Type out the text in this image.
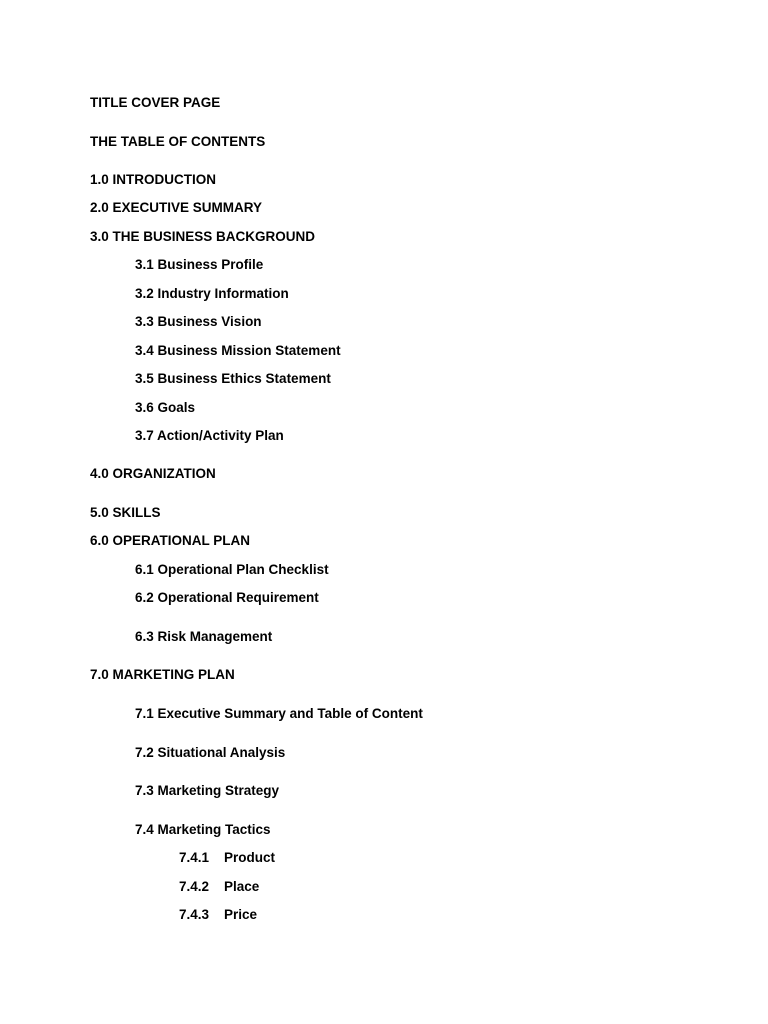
TITLE COVER PAGE
THE TABLE OF CONTENTS
1.0 INTRODUCTION
2.0 EXECUTIVE SUMMARY
3.0 THE BUSINESS BACKGROUND
3.1 Business Profile
3.2 Industry Information
3.3 Business Vision
3.4 Business Mission Statement
3.5 Business Ethics Statement
3.6 Goals
3.7 Action/Activity Plan
4.0 ORGANIZATION
5.0 SKILLS
6.0 OPERATIONAL PLAN
6.1 Operational Plan Checklist
6.2 Operational Requirement
6.3 Risk Management
7.0 MARKETING PLAN
7.1 Executive Summary and Table of Content
7.2 Situational Analysis
7.3 Marketing Strategy
7.4 Marketing Tactics
7.4.1 Product
7.4.2 Place
7.4.3 Price
